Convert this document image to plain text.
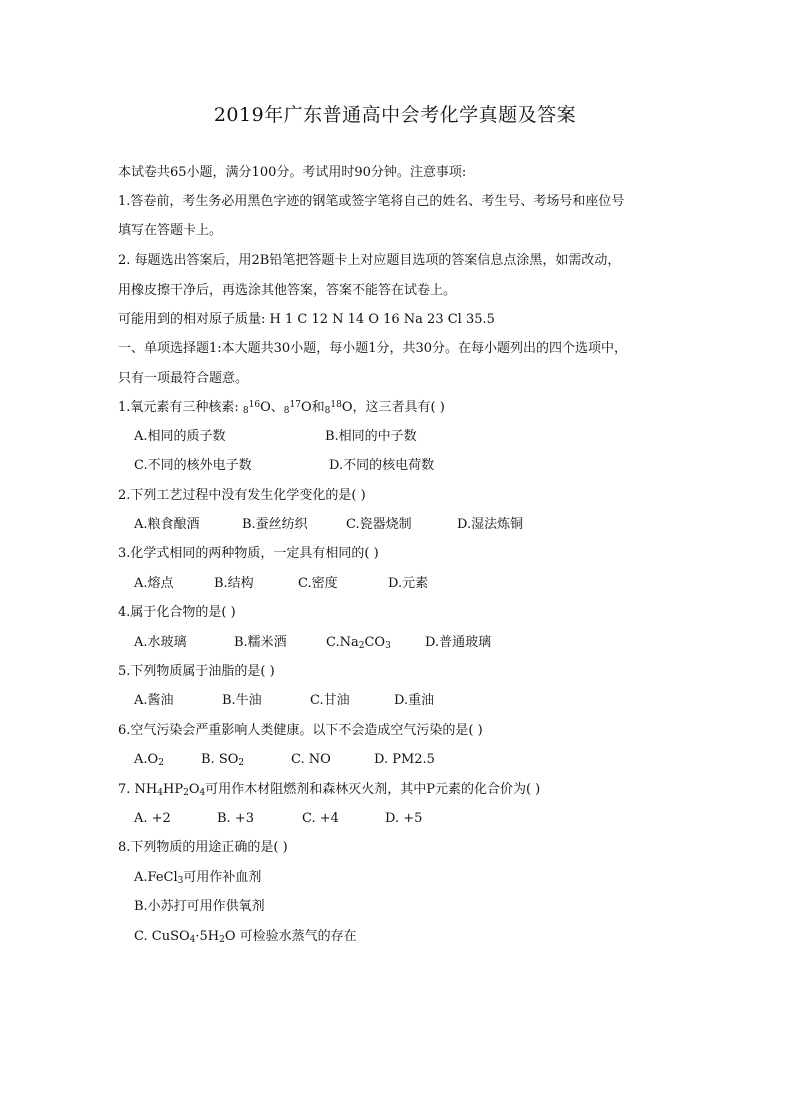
2019年广东普通高中会考化学真题及答案
本试卷共65小题，满分100分。考试用时90分钟。注意事项:
1.答卷前，考生务必用黑色字迹的钢笔或签字笔将自己的姓名、考生号、考场号和座位号
填写在答题卡上。
2. 每题选出答案后，用2B铅笔把答题卡上对应题目选项的答案信息点涂黑，如需改动，
用橡皮擦干净后，再选涂其他答案，答案不能答在试卷上。
可能用到的相对原子质量: H 1 C 12 N 14 O 16 Na 23 Cl 35.5
一、单项选择题1:本大题共30小题，每小题1分，共30分。在每小题列出的四个选项中，
只有一项最符合题意。
1.氧元素有三种核素: $_8^{16}$O、$_8^{17}$O和$_8^{18}$O，这三者具有( )
A.相同的质子数	B.相同的中子数
C.不同的核外电子数	D.不同的核电荷数
2.下列工艺过程中没有发生化学变化的是( )
A.粮食酿酒	B.蚕丝纺织	C.瓷器烧制	D.湿法炼铜
3.化学式相同的两种物质，一定具有相同的( )
A.熔点	B.结构	C.密度	D.元素
4.属于化合物的是( )
A.水玻璃	B.糯米酒	$C.Na_2CO_3$	D.普通玻璃
5.下列物质属于油脂的是( )
A.酱油	B.牛油	C.甘油	D.重油
6.空气污染会严重影响人类健康。以下不会造成空气污染的是( )
$A.O_2$	B. $SO_2$	C. NO	D. PM2.5
7. $NH_4HP_2O_4$可用作木材阻燃剂和森林灭火剂，其中P元素的化合价为( )
A. +2	B. +3	C. +4	D. +5
8.下列物质的用途正确的是( )
A.FeCl$_3$可用作补血剂
B.小苏打可用作供氧剂
C. $CuSO_4\cdot 5H_2O$ 可检验水蒸气的存在
